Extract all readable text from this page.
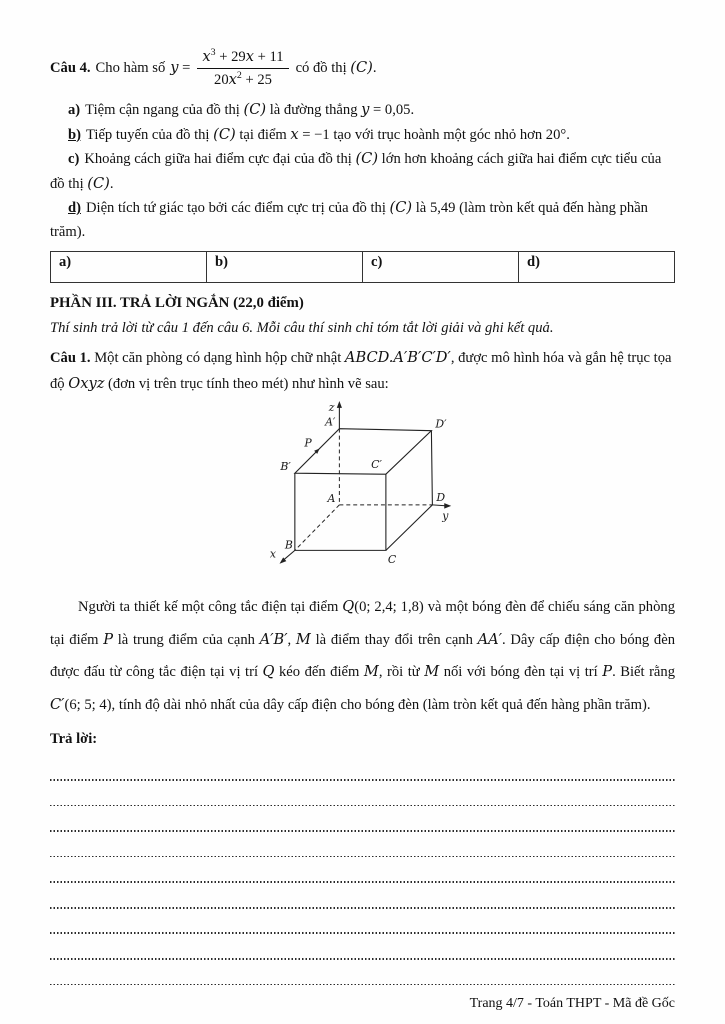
Câu 4. Cho hàm số $y = \frac{x^3 + 29x + 11}{20x^2 + 25}$ có đồ thị (C).

a) Tiệm cận ngang của đồ thị (C) là đường thẳng y = 0,05.

b) Tiếp tuyến của đồ thị (C) tại điểm x = −1 tạo với trục hoành một góc nhỏ hơn 20°.

c) Khoảng cách giữa hai điểm cực đại của đồ thị (C) lớn hơn khoảng cách giữa hai điểm cực tiểu của đồ thị (C).

d) Diện tích tứ giác tạo bởi các điểm cực trị của đồ thị (C) là 5,49 (làm tròn kết quả đến hàng phần trăm).

a)	b)	c)	d)

PHẦN III. TRẢ LỜI NGẮN (22,0 điểm)

Thí sinh trả lời từ câu 1 đến câu 6. Mỗi câu thí sinh chỉ tóm tắt lời giải và ghi kết quả.

Câu 1. Một căn phòng có dạng hình hộp chữ nhật ABCD.A′B′C′D′, được mô hình hóa và gắn hệ trục tọa độ Oxyz (đơn vị trên trục tính theo mét) như hình vẽ sau:

z
A′	D′
P
B′	C′
A	D
y
B
C
x

Người ta thiết kế một công tắc điện tại điểm Q(0; 2,4; 1,8) và một bóng đèn để chiếu sáng căn phòng tại điểm P là trung điểm của cạnh A′B′, M là điểm thay đổi trên cạnh AA′. Dây cấp điện cho bóng đèn được đấu từ công tắc điện tại vị trí Q kéo đến điểm M, rồi từ M nối với bóng đèn tại vị trí P. Biết rằng C′(6; 5; 4), tính độ dài nhỏ nhất của dây cấp điện cho bóng đèn (làm tròn kết quả đến hàng phần trăm).

Trả lời:

Trang 4/7 - Toán THPT - Mã đề Gốc
